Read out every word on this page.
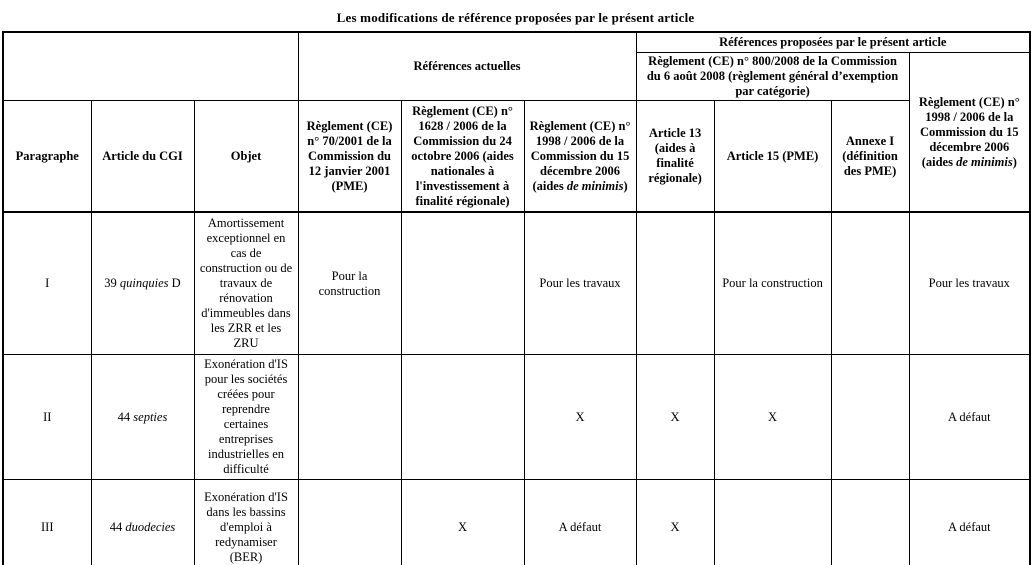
Les modifications de référence proposées par le présent article
			Références actuelles			Références proposées par le présent article			
						Règlement (CE) n° 800/2008 de la Commission du 6 août 2008 (règlement général d’exemption par catégorie)			Règlement (CE) n° 1998 / 2006 de la Commission du 15 décembre 2006 (aides de minimis)
Paragraphe	Article du CGI	Objet	Règlement (CE) n° 70/2001 de la Commission du 12 janvier 2001 (PME)	Règlement (CE) n° 1628 / 2006 de la Commission du 24 octobre 2006 (aides nationales à l'investissement à finalité régionale)	Règlement (CE) n° 1998 / 2006 de la Commission du 15 décembre 2006 (aides de minimis)	Article 13 (aides à finalité régionale)	Article 15 (PME)	Annexe I (définition des PME)	
I	39 quinquies D	Amortissement exceptionnel en cas de construction ou de travaux de rénovation d'immeubles dans les ZRR et les ZRU	Pour la construction		Pour les travaux		Pour la construction		Pour les travaux
II	44 septies	Exonération d'IS pour les sociétés créées pour reprendre certaines entreprises industrielles en difficulté			X	X	X		A défaut
III	44 duodecies	Exonération d'IS dans les bassins d'emploi à redynamiser (BER)		X	A défaut	X			A défaut
